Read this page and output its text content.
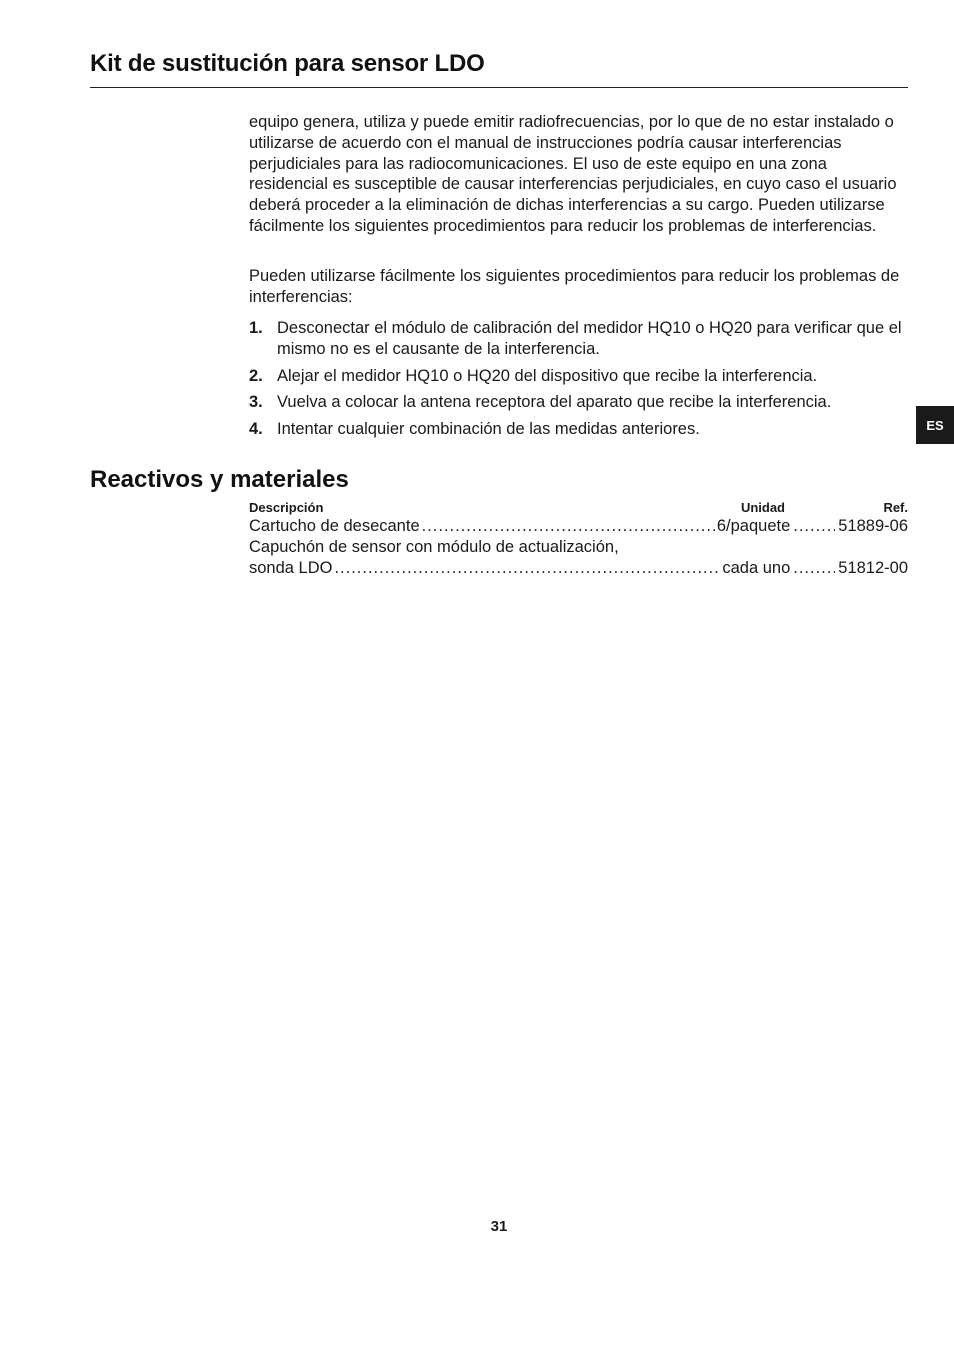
Kit de sustitución para sensor LDO
equipo genera, utiliza y puede emitir radiofrecuencias, por lo que de no estar instalado o utilizarse de acuerdo con el manual de instrucciones podría causar interferencias perjudiciales para las radiocomunicaciones. El uso de este equipo en una zona residencial es susceptible de causar interferencias perjudiciales, en cuyo caso el usuario deberá proceder a la eliminación de dichas interferencias a su cargo. Pueden utilizarse fácilmente los siguientes procedimientos para reducir los problemas de interferencias.
Pueden utilizarse fácilmente los siguientes procedimientos para reducir los problemas de interferencias:
1. Desconectar el módulo de calibración del medidor HQ10 o HQ20 para verificar que el mismo no es el causante de la interferencia.
2. Alejar el medidor HQ10 o HQ20 del dispositivo que recibe la interferencia.
3. Vuelva a colocar la antena receptora del aparato que recibe la interferencia.
4. Intentar cualquier combinación de las medidas anteriores.
Reactivos y materiales
Descripción	Unidad	Ref.
Cartucho de desecante .....	6/paquete .....	51889-06
Capuchón de sensor con módulo de actualización,
sonda LDO .....	cada uno .....	51812-00
ES
31
